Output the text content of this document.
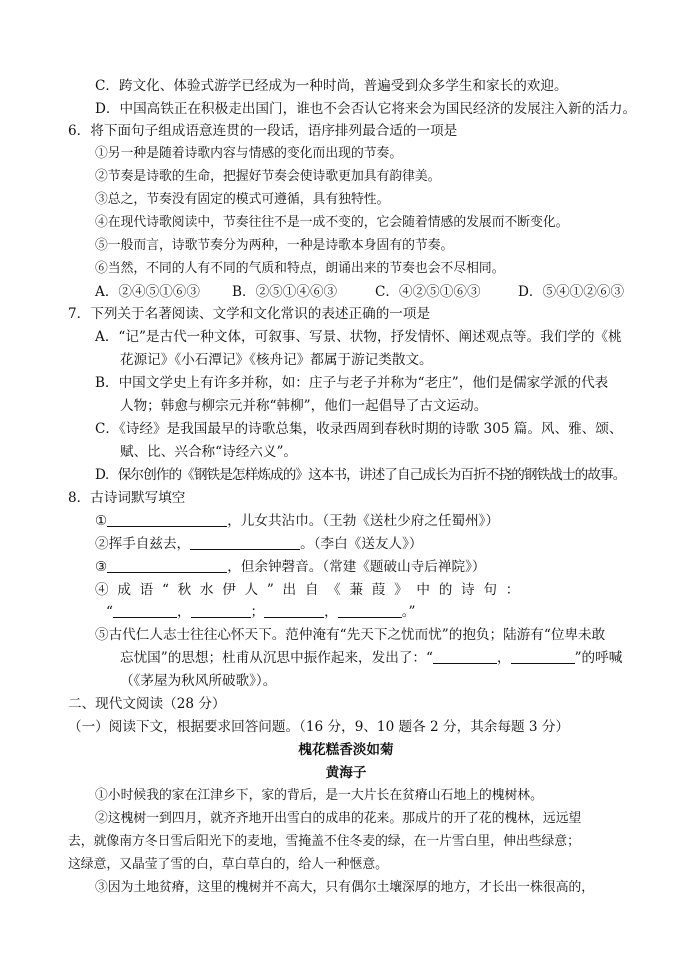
C．跨文化、体验式游学已经成为一种时尚，普遍受到众多学生和家长的欢迎。
D．中国高铁正在积极走出国门，谁也不会否认它将来会为国民经济的发展注入新的活力。
6．将下面句子组成语意连贯的一段话，语序排列最合适的一项是
①另一种是随着诗歌内容与情感的变化而出现的节奏。
②节奏是诗歌的生命，把握好节奏会使诗歌更加具有韵律美。
③总之，节奏没有固定的模式可遵循，具有独特性。
④在现代诗歌阅读中，节奏往往不是一成不变的，它会随着情感的发展而不断变化。
⑤一般而言，诗歌节奏分为两种，一种是诗歌本身固有的节奏。
⑥当然，不同的人有不同的气质和特点，朗诵出来的节奏也会不尽相同。
A．②④⑤①⑥③ B．②⑤①④⑥③	C．④②⑤①⑥③	D．⑤④①②⑥③
7．下列关于名著阅读、文学和文化常识的表述正确的一项是
A．“记”是古代一种文体，可叙事、写景、状物，抒发情怀、阐述观点等。我们学的《桃
花源记》《小石潭记》《核舟记》都属于游记类散文。
B．中国文学史上有许多并称，如：庄子与老子并称为“老庄”，他们是儒家学派的代表
人物；韩愈与柳宗元并称“韩柳”，他们一起倡导了古文运动。
C．《诗经》是我国最早的诗歌总集，收录西周到春秋时期的诗歌 305 篇。风、雅、颂、
赋、比、兴合称“诗经六义”。
D．保尔创作的《钢铁是怎样炼成的》这本书，讲述了自己成长为百折不挠的钢铁战士的故事。
8．古诗词默写填空
①	，儿女共沾巾。（王勃《送杜少府之任蜀州》）
②挥手自兹去，	。（李白《送友人》）
③	，但余钟磬音。（常建《题破山寺后禅院》）
④ 成 语 “ 秋 水 伊 人 ” 出 自 《 蒹 葭 》 中 的 诗 句 ：
“	，	；	，	。”
⑤古代仁人志士往往心怀天下。范仲淹有“先天下之忧而忧”的抱负；陆游有“位卑未敢
忘忧国”的思想；杜甫从沉思中振作起来，发出了：“	，	”的呼喊
（《茅屋为秋风所破歌》）。
二、现代文阅读（28 分）
（一）阅读下文，根据要求回答问题。（16 分，9、10 题各 2 分，其余每题 3 分）
槐花糕香淡如菊
黄海子
①小时候我的家在江津乡下，家的背后，是一大片长在贫瘠山石地上的槐树林。
②这槐树一到四月，就齐齐地开出雪白的成串的花来。那成片的开了花的槐林，远远望
去，就像南方冬日雪后阳光下的麦地，雪掩盖不住冬麦的绿，在一片雪白里，伸出些绿意；
这绿意，又晶莹了雪的白，草白草白的，给人一种惬意。
③因为土地贫瘠，这里的槐树并不高大，只有偶尔土壤深厚的地方，才长出一株很高的，
